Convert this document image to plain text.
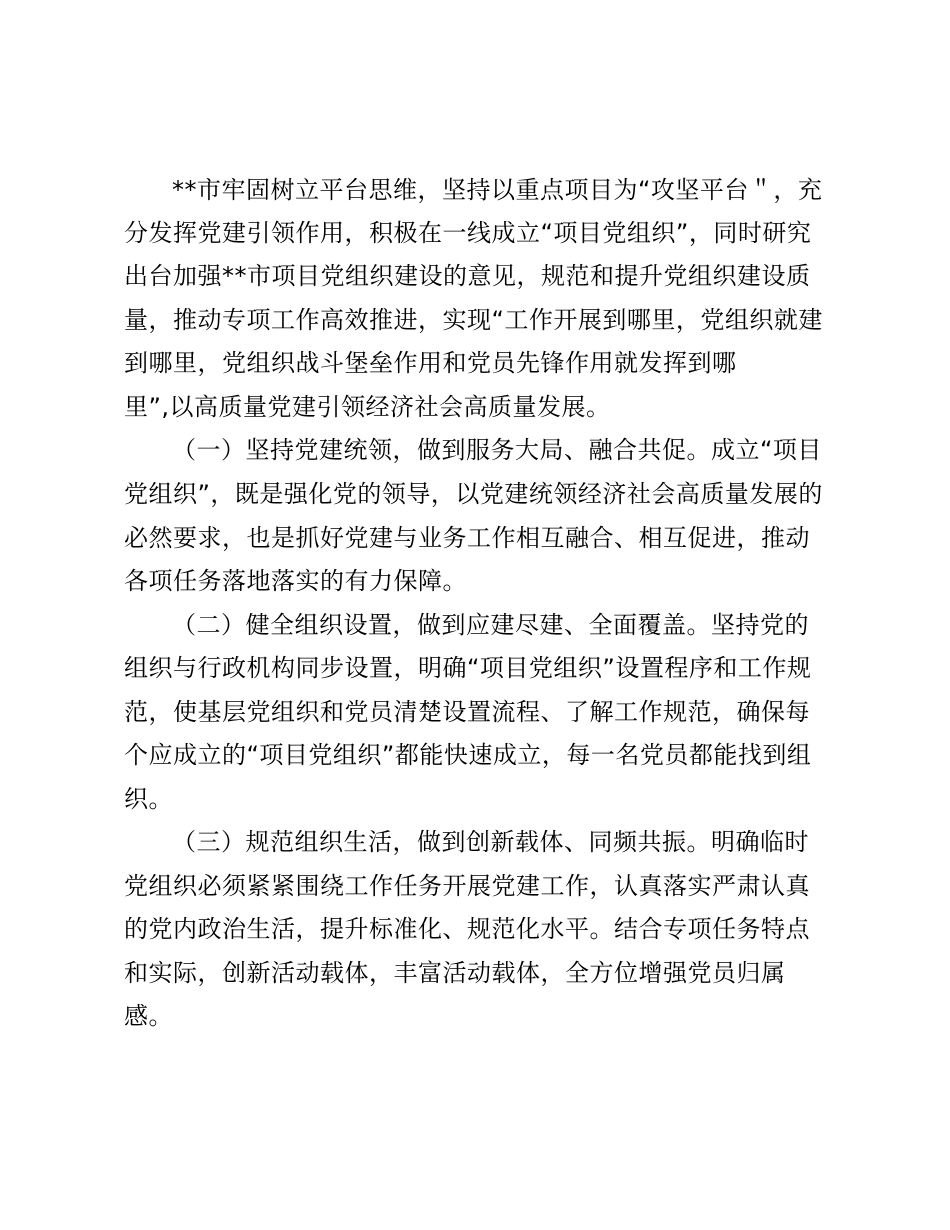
**市牢固树立平台思维，坚持以重点项目为“攻坚平台＂，充
分发挥党建引领作用，积极在一线成立“项目党组织”，同时研究
出台加强**市项目党组织建设的意见，规范和提升党组织建设质
量，推动专项工作高效推进，实现“工作开展到哪里，党组织就建
到哪里，党组织战斗堡垒作用和党员先锋作用就发挥到哪
里”,以高质量党建引领经济社会高质量发展。
（一）坚持党建统领，做到服务大局、融合共促。成立“项目
党组织”，既是强化党的领导，以党建统领经济社会高质量发展的
必然要求，也是抓好党建与业务工作相互融合、相互促进，推动
各项任务落地落实的有力保障。
（二）健全组织设置，做到应建尽建、全面覆盖。坚持党的
组织与行政机构同步设置，明确“项目党组织”设置程序和工作规
范，使基层党组织和党员清楚设置流程、了解工作规范，确保每
个应成立的“项目党组织”都能快速成立，每一名党员都能找到组
织。
（三）规范组织生活，做到创新载体、同频共振。明确临时
党组织必须紧紧围绕工作任务开展党建工作，认真落实严肃认真
的党内政治生活，提升标准化、规范化水平。结合专项任务特点
和实际，创新活动载体，丰富活动载体，全方位增强党员归属
感。
